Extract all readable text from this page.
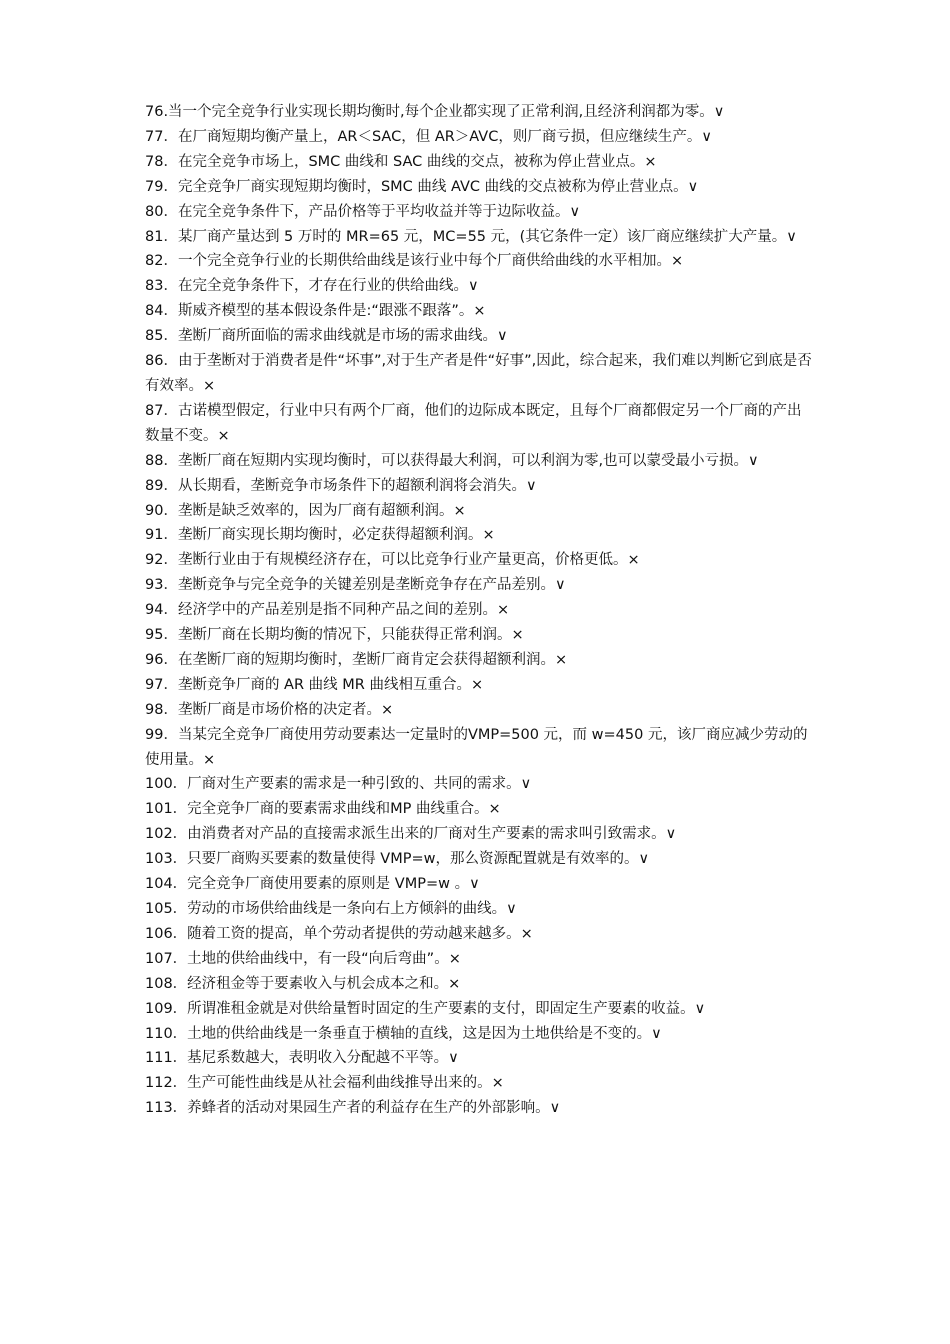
76.当一个完全竞争行业实现长期均衡时,每个企业都实现了正常利润,且经济利润都为零。∨

77．在厂商短期均衡产量上，AR＜SAC，但 AR＞AVC，则厂商亏损，但应继续生产。∨

78．在完全竞争市场上，SMC 曲线和 SAC 曲线的交点，被称为停止营业点。×

79．完全竞争厂商实现短期均衡时，SMC 曲线 AVC 曲线的交点被称为停止营业点。∨

80．在完全竞争条件下，产品价格等于平均收益并等于边际收益。∨

81．某厂商产量达到 5 万时的 MR=65 元，MC=55 元，(其它条件一定）该厂商应继续扩大产量。∨

82．一个完全竞争行业的长期供给曲线是该行业中每个厂商供给曲线的水平相加。×

83．在完全竞争条件下，才存在行业的供给曲线。∨

84．斯威齐模型的基本假设条件是:“跟涨不跟落”。×

85．垄断厂商所面临的需求曲线就是市场的需求曲线。∨

86．由于垄断对于消费者是件“坏事”,对于生产者是件“好事”,因此，综合起来，我们难以判断它到底是否有效率。×

87．古诺模型假定，行业中只有两个厂商，他们的边际成本既定，且每个厂商都假定另一个厂商的产出数量不变。×

88．垄断厂商在短期内实现均衡时，可以获得最大利润，可以利润为零,也可以蒙受最小亏损。∨

89．从长期看，垄断竞争市场条件下的超额利润将会消失。∨

90．垄断是缺乏效率的，因为厂商有超额利润。×

91．垄断厂商实现长期均衡时，必定获得超额利润。×

92．垄断行业由于有规模经济存在，可以比竞争行业产量更高，价格更低。×

93．垄断竞争与完全竞争的关键差别是垄断竞争存在产品差别。∨

94．经济学中的产品差别是指不同种产品之间的差别。×

95．垄断厂商在长期均衡的情况下，只能获得正常利润。×

96．在垄断厂商的短期均衡时，垄断厂商肯定会获得超额利润。×

97．垄断竞争厂商的 AR 曲线 MR 曲线相互重合。×

98．垄断厂商是市场价格的决定者。×

99．当某完全竞争厂商使用劳动要素达一定量时的VMP=500 元，而 w=450 元，该厂商应减少劳动的使用量。×

100．厂商对生产要素的需求是一种引致的、共同的需求。∨

101．完全竞争厂商的要素需求曲线和MP 曲线重合。×

102．由消费者对产品的直接需求派生出来的厂商对生产要素的需求叫引致需求。∨

103．只要厂商购买要素的数量使得 VMP=w，那么资源配置就是有效率的。∨

104．完全竞争厂商使用要素的原则是 VMP=w 。∨

105．劳动的市场供给曲线是一条向右上方倾斜的曲线。∨

106．随着工资的提高，单个劳动者提供的劳动越来越多。×

107．土地的供给曲线中，有一段“向后弯曲”。×

108．经济租金等于要素收入与机会成本之和。×

109．所谓准租金就是对供给量暂时固定的生产要素的支付，即固定生产要素的收益。∨

110．土地的供给曲线是一条垂直于横轴的直线，这是因为土地供给是不变的。∨

111．基尼系数越大，表明收入分配越不平等。∨

112．生产可能性曲线是从社会福利曲线推导出来的。×

113．养蜂者的活动对果园生产者的利益存在生产的外部影响。∨
